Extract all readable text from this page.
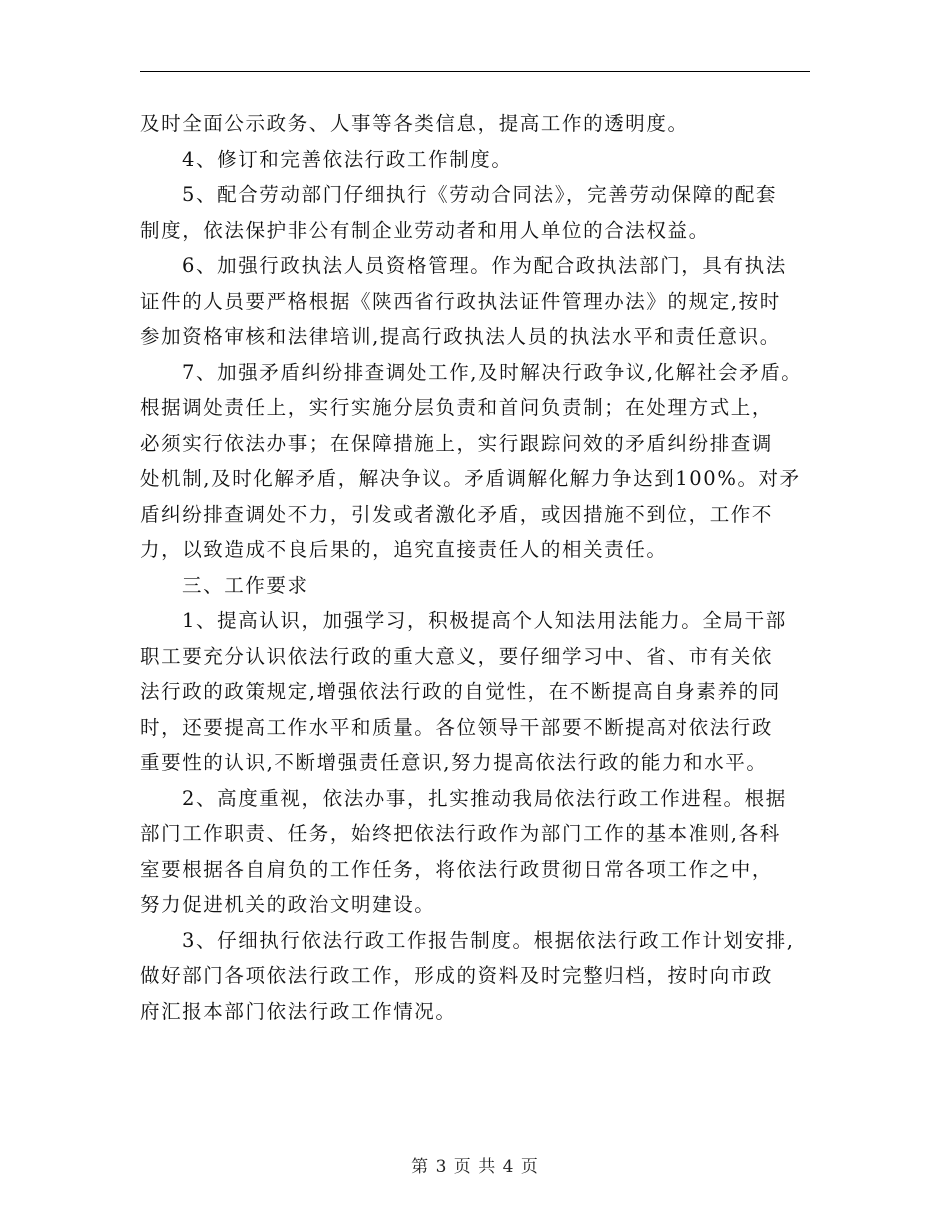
及时全面公示政务、人事等各类信息，提高工作的透明度。
4、修订和完善依法行政工作制度。
5、配合劳动部门仔细执行《劳动合同法》，完善劳动保障的配套
制度，依法保护非公有制企业劳动者和用人单位的合法权益。
6、加强行政执法人员资格管理。作为配合政执法部门，具有执法
证件的人员要严格根据《陕西省行政执法证件管理办法》的规定,按时
参加资格审核和法律培训,提高行政执法人员的执法水平和责任意识。
7、加强矛盾纠纷排查调处工作,及时解决行政争议,化解社会矛盾。
根据调处责任上，实行实施分层负责和首问负责制；在处理方式上，
必须实行依法办事；在保障措施上，实行跟踪问效的矛盾纠纷排查调
处机制,及时化解矛盾，解决争议。矛盾调解化解力争达到100%。对矛
盾纠纷排查调处不力，引发或者激化矛盾，或因措施不到位，工作不
力，以致造成不良后果的，追究直接责任人的相关责任。
三、工作要求
1、提高认识，加强学习，积极提高个人知法用法能力。全局干部
职工要充分认识依法行政的重大意义，要仔细学习中、省、市有关依
法行政的政策规定,增强依法行政的自觉性，在不断提高自身素养的同
时，还要提高工作水平和质量。各位领导干部要不断提高对依法行政
重要性的认识,不断增强责任意识,努力提高依法行政的能力和水平。
2、高度重视，依法办事，扎实推动我局依法行政工作进程。根据
部门工作职责、任务，始终把依法行政作为部门工作的基本准则,各科
室要根据各自肩负的工作任务，将依法行政贯彻日常各项工作之中，
努力促进机关的政治文明建设。
3、仔细执行依法行政工作报告制度。根据依法行政工作计划安排,
做好部门各项依法行政工作，形成的资料及时完整归档，按时向市政
府汇报本部门依法行政工作情况。
第 3 页 共 4 页
